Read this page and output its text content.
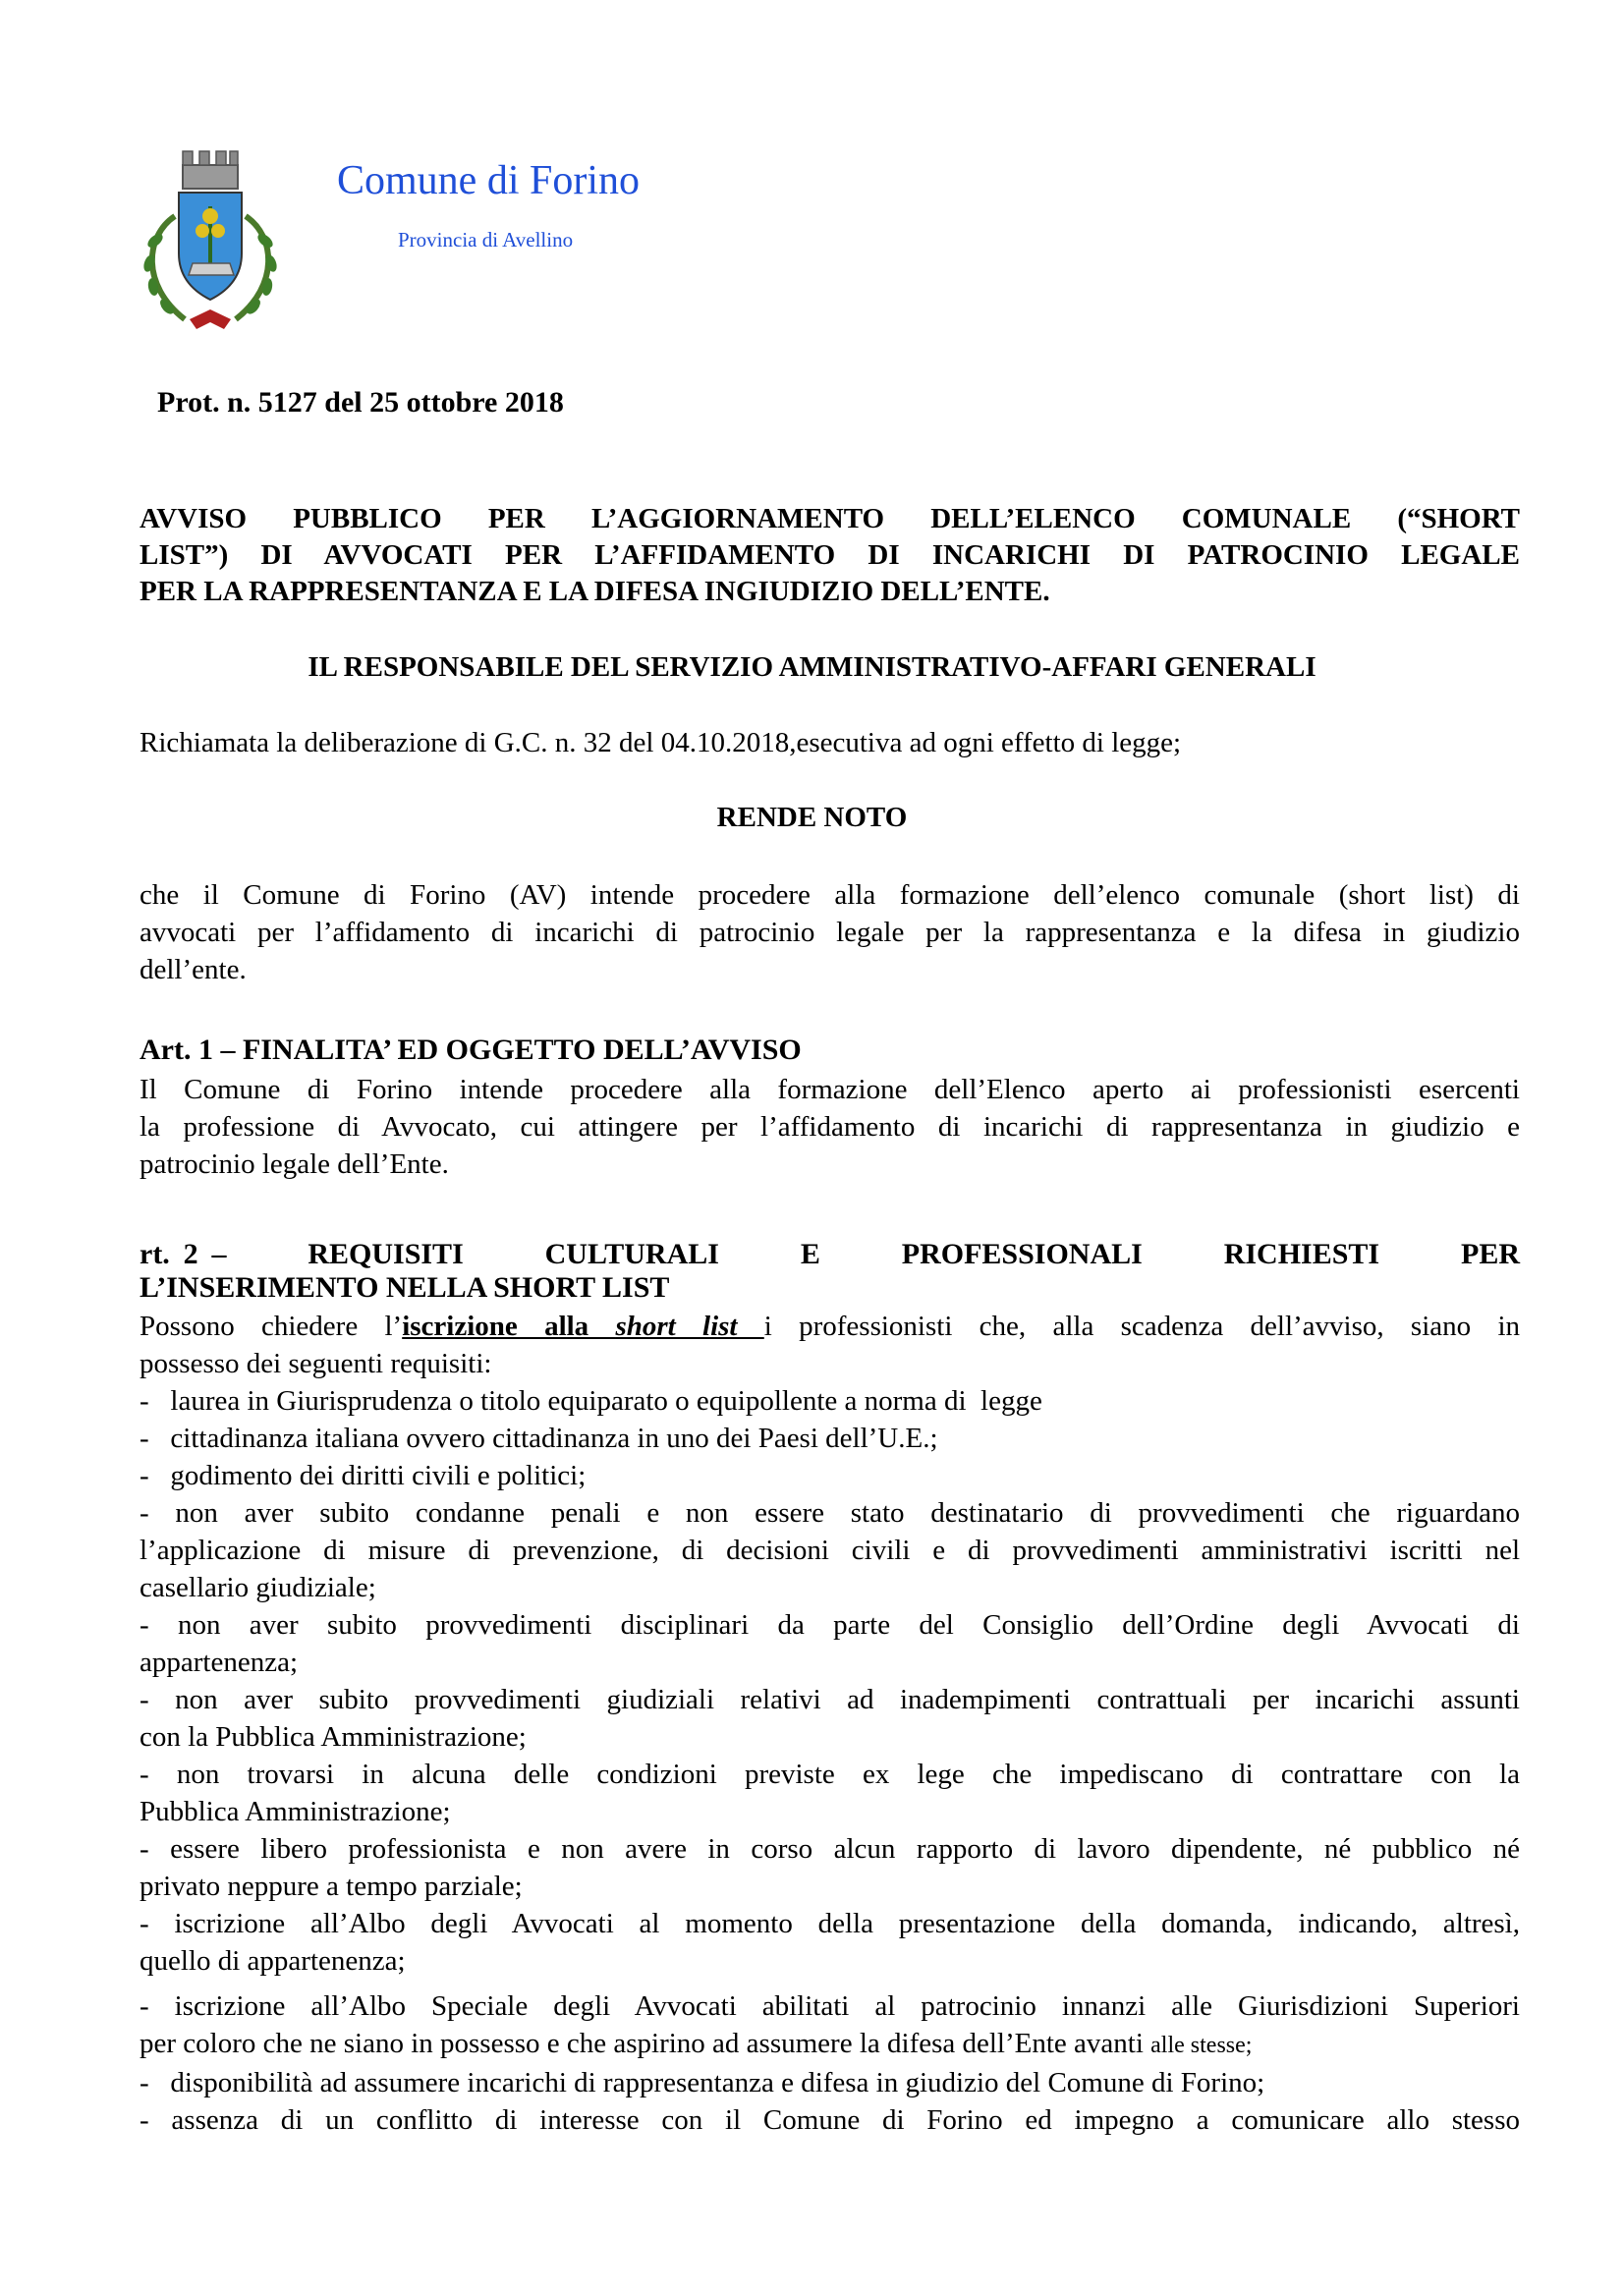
Comune di Forino
Provincia di Avellino
Prot. n. 5127 del 25 ottobre 2018
AVVISO PUBBLICO PER L’AGGIORNAMENTO DELL’ELENCO COMUNALE (“SHORT
LIST”) DI AVVOCATI PER L’AFFIDAMENTO DI INCARICHI DI PATROCINIO LEGALE
PER LA RAPPRESENTANZA E LA DIFESA INGIUDIZIO DELL’ENTE.
IL RESPONSABILE DEL SERVIZIO AMMINISTRATIVO-AFFARI GENERALI
Richiamata la deliberazione di G.C. n. 32 del 04.10.2018,esecutiva ad ogni effetto di legge;
RENDE NOTO
che il Comune di Forino (AV) intende procedere alla formazione dell’elenco comunale (short list) di
avvocati per l’affidamento di incarichi di patrocinio legale per la rappresentanza e la difesa in giudizio
dell’ente.
Art. 1 – FINALITA’ ED OGGETTO DELL’AVVISO
Il Comune di Forino intende procedere alla formazione dell’Elenco aperto ai professionisti esercenti
la professione di Avvocato, cui attingere per l’affidamento di incarichi di rappresentanza in giudizio e
patrocinio legale dell’Ente.
rt. 2 –      REQUISITI      CULTURALI      E      PROFESSIONALI      RICHIESTI      PER
L’INSERIMENTO NELLA SHORT LIST
Possono chiedere l’iscrizione alla short list i professionisti che, alla scadenza dell’avviso, siano in
possesso dei seguenti requisiti:
-   laurea in Giurisprudenza o titolo equiparato o equipollente a norma di  legge
-   cittadinanza italiana ovvero cittadinanza in uno dei Paesi dell’U.E.;
-   godimento dei diritti civili e politici;
- non aver subito condanne penali e non essere stato destinatario di provvedimenti che riguardano
l’applicazione di misure di prevenzione, di decisioni civili e di provvedimenti amministrativi iscritti nel
casellario giudiziale;
- non aver subito provvedimenti disciplinari da parte del Consiglio dell’Ordine degli Avvocati di
appartenenza;
- non aver subito provvedimenti giudiziali relativi ad inadempimenti contrattuali per incarichi assunti
con la Pubblica Amministrazione;
- non trovarsi in alcuna delle condizioni previste ex lege che impediscano di contrattare con la
Pubblica Amministrazione;
- essere libero professionista e non avere in corso alcun rapporto di lavoro dipendente, né pubblico né
privato neppure a tempo parziale;
- iscrizione all’Albo degli Avvocati al momento della presentazione della domanda, indicando, altresì,
quello di appartenenza;
- iscrizione all’Albo Speciale degli Avvocati abilitati al patrocinio innanzi alle Giurisdizioni Superiori
per coloro che ne siano in possesso e che aspirino ad assumere la difesa dell’Ente avanti alle stesse;
-   disponibilità ad assumere incarichi di rappresentanza e difesa in giudizio del Comune di Forino;
- assenza di un conflitto di interesse con il Comune di Forino ed impegno a comunicare allo stesso
